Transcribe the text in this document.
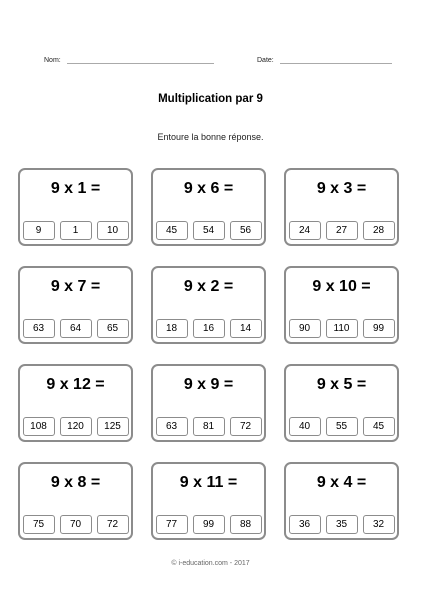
Nom:	Date:
Multiplication par 9
Entoure la bonne réponse.
9 x 1 =
9	1	10
9 x 6 =
45	54	56
9 x 3 =
24	27	28
9 x 7 =
63	64	65
9 x 2 =
18	16	14
9 x 10 =
90	110	99
9 x 12 =
108	120	125
9 x 9 =
63	81	72
9 x 5 =
40	55	45
9 x 8 =
75	70	72
9 x 11 =
77	99	88
9 x 4 =
36	35	32
© i-education.com - 2017
